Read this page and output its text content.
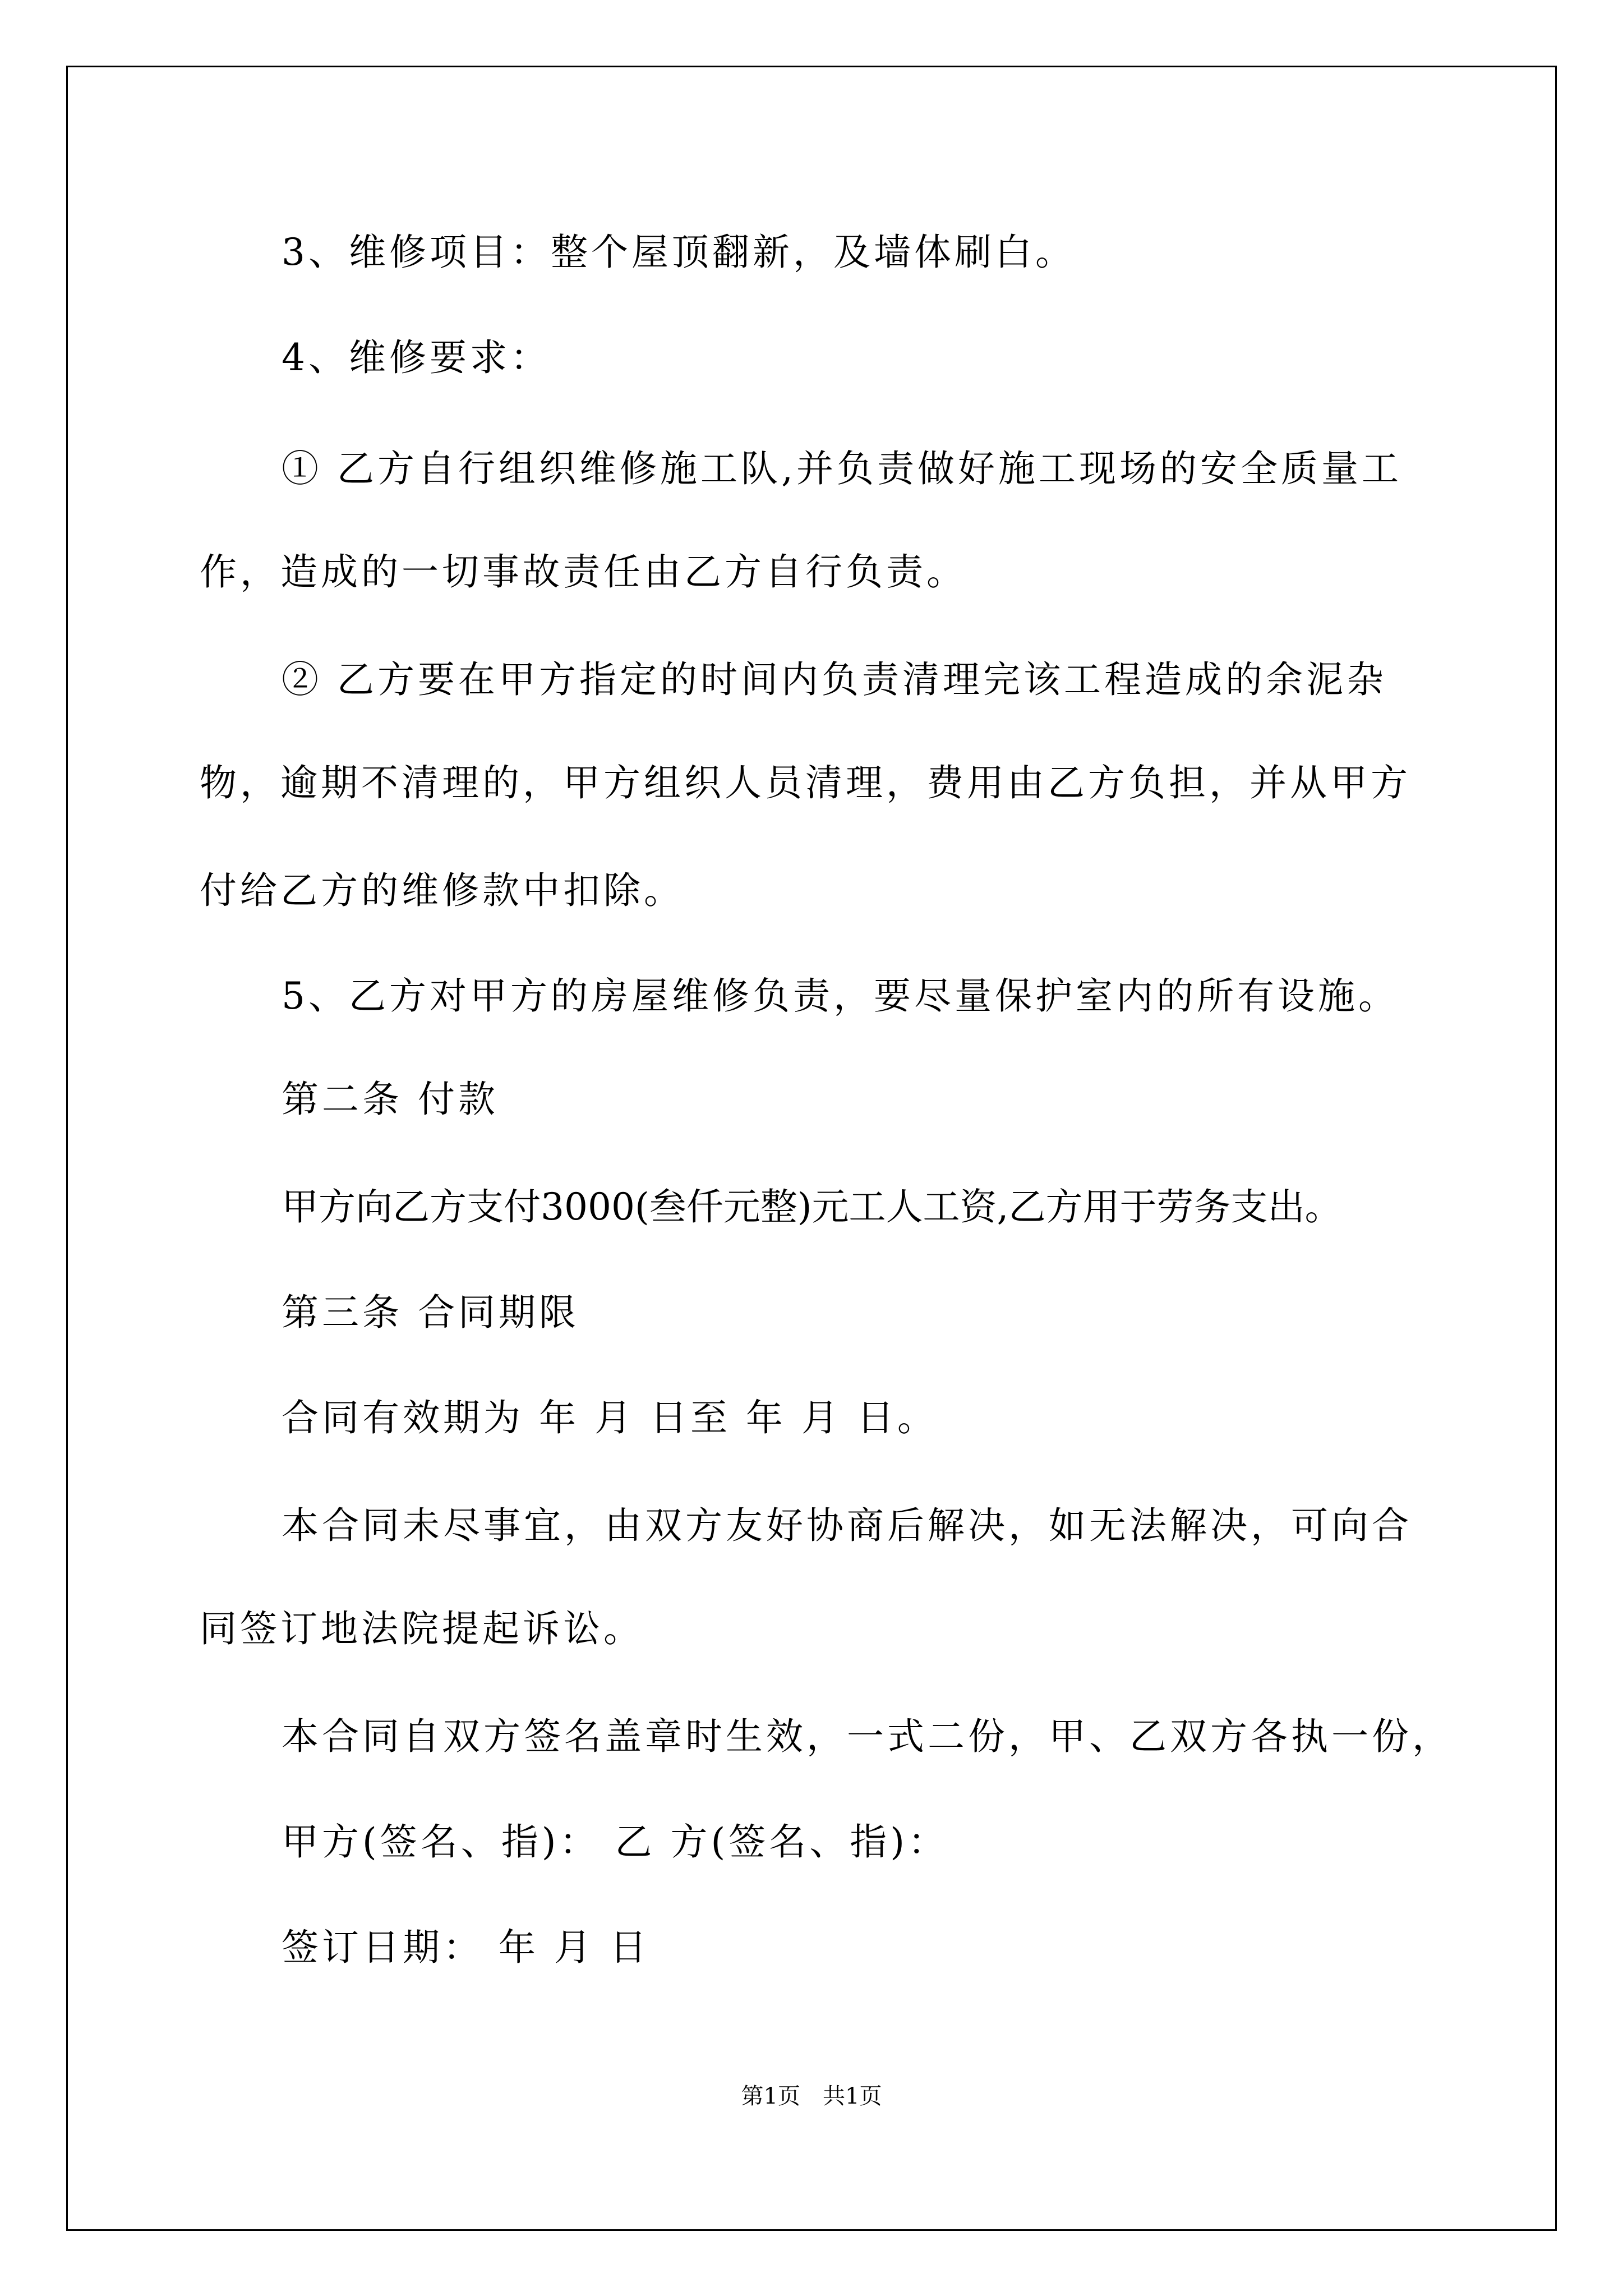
3、维修项目：整个屋顶翻新，及墙体刷白。

4、维修要求：

① 乙方自行组织维修施工队,并负责做好施工现场的安全质量工

作，造成的一切事故责任由乙方自行负责。

② 乙方要在甲方指定的时间内负责清理完该工程造成的余泥杂

物，逾期不清理的，甲方组织人员清理，费用由乙方负担，并从甲方

付给乙方的维修款中扣除。

5、乙方对甲方的房屋维修负责，要尽量保护室内的所有设施。

第二条 付款

甲方向乙方支付3000(叁仟元整)元工人工资,乙方用于劳务支出。

第三条 合同期限

合同有效期为 年 月 日至 年 月 日。

本合同未尽事宜，由双方友好协商后解决，如无法解决，可向合

同签订地法院提起诉讼。

本合同自双方签名盖章时生效，一式二份，甲、乙双方各执一份，

甲方(签名、指)： 乙 方(签名、指)：

签订日期： 年 月 日

第1页　共1页
